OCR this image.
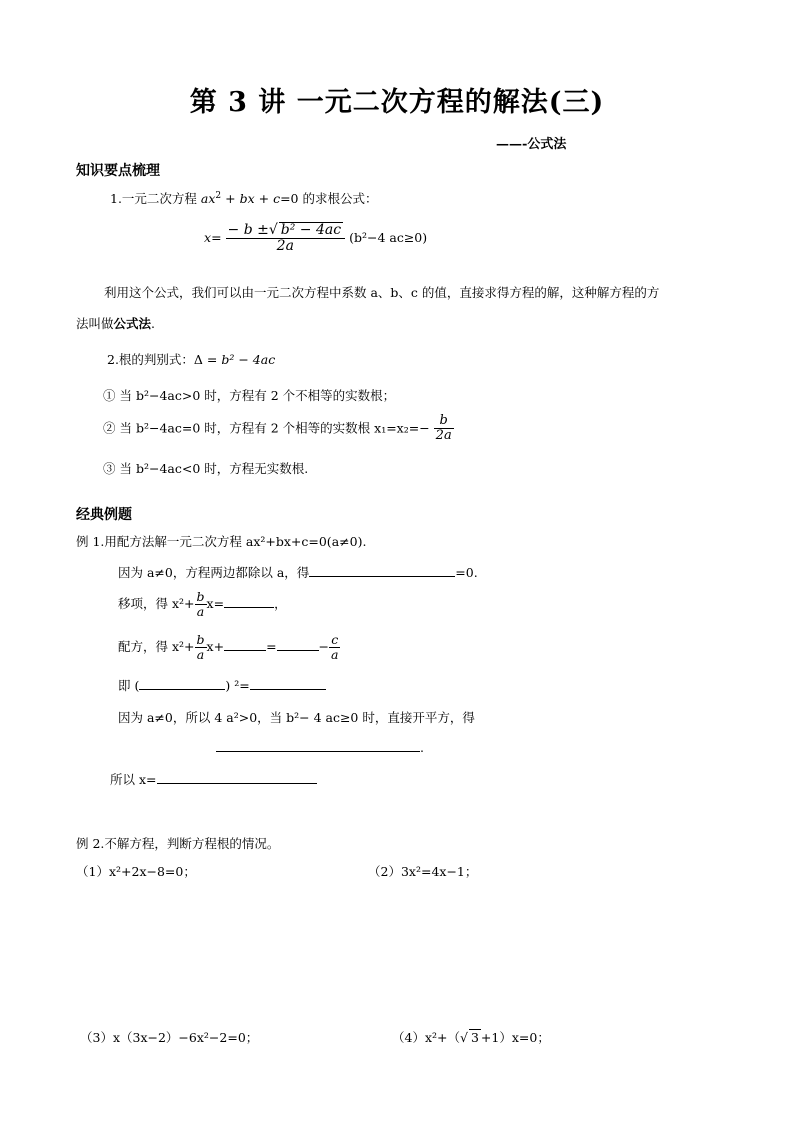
第 3 讲 一元二次方程的解法(三)
——-公式法
知识要点梳理
1.一元二次方程 $ax^2$ + bx + c=0 的求根公式：
$x= \frac{\text{− b ±√ b² − 4ac}}{2a} (b^2-4$ ac≥0)
利用这个公式，我们可以由一元二次方程中系数 a、b、c 的值，直接求得方程的解，这种解方程的方
法叫做公式法.
2.根的判别式：Δ = b² − 4ac
① 当 b²−4ac>0 时，方程有 2 个不相等的实数根；
② 当 b²−4ac=0 时，方程有 2 个相等的实数根 $x_1=x_2=- \frac{b}{2a}$
③ 当 b²−4ac<0 时，方程无实数根.
经典例题
例 1.用配方法解一元二次方程 ax²+bx+c=0(a≠0).
因为 a≠0，方程两边都除以 a，得	=0.
移项，得 $x^2+ \frac{b}{a} x=$	，
配方，得 $x^2+ \frac{b}{a} x+$	=	− $\frac{c}{a}$
即 (	) ²=
因为 a≠0，所以 4 a²>0，当 b²− 4 ac≥0 时，直接开平方，得
.
所以 x=
例 2.不解方程，判断方程根的情况。
（1）x²+2x−8=0；	（2）3x²=4x−1；
（3）x（3x−2）−6x²−2=0；	（4）x²+（√ 3 +1）x=0；
